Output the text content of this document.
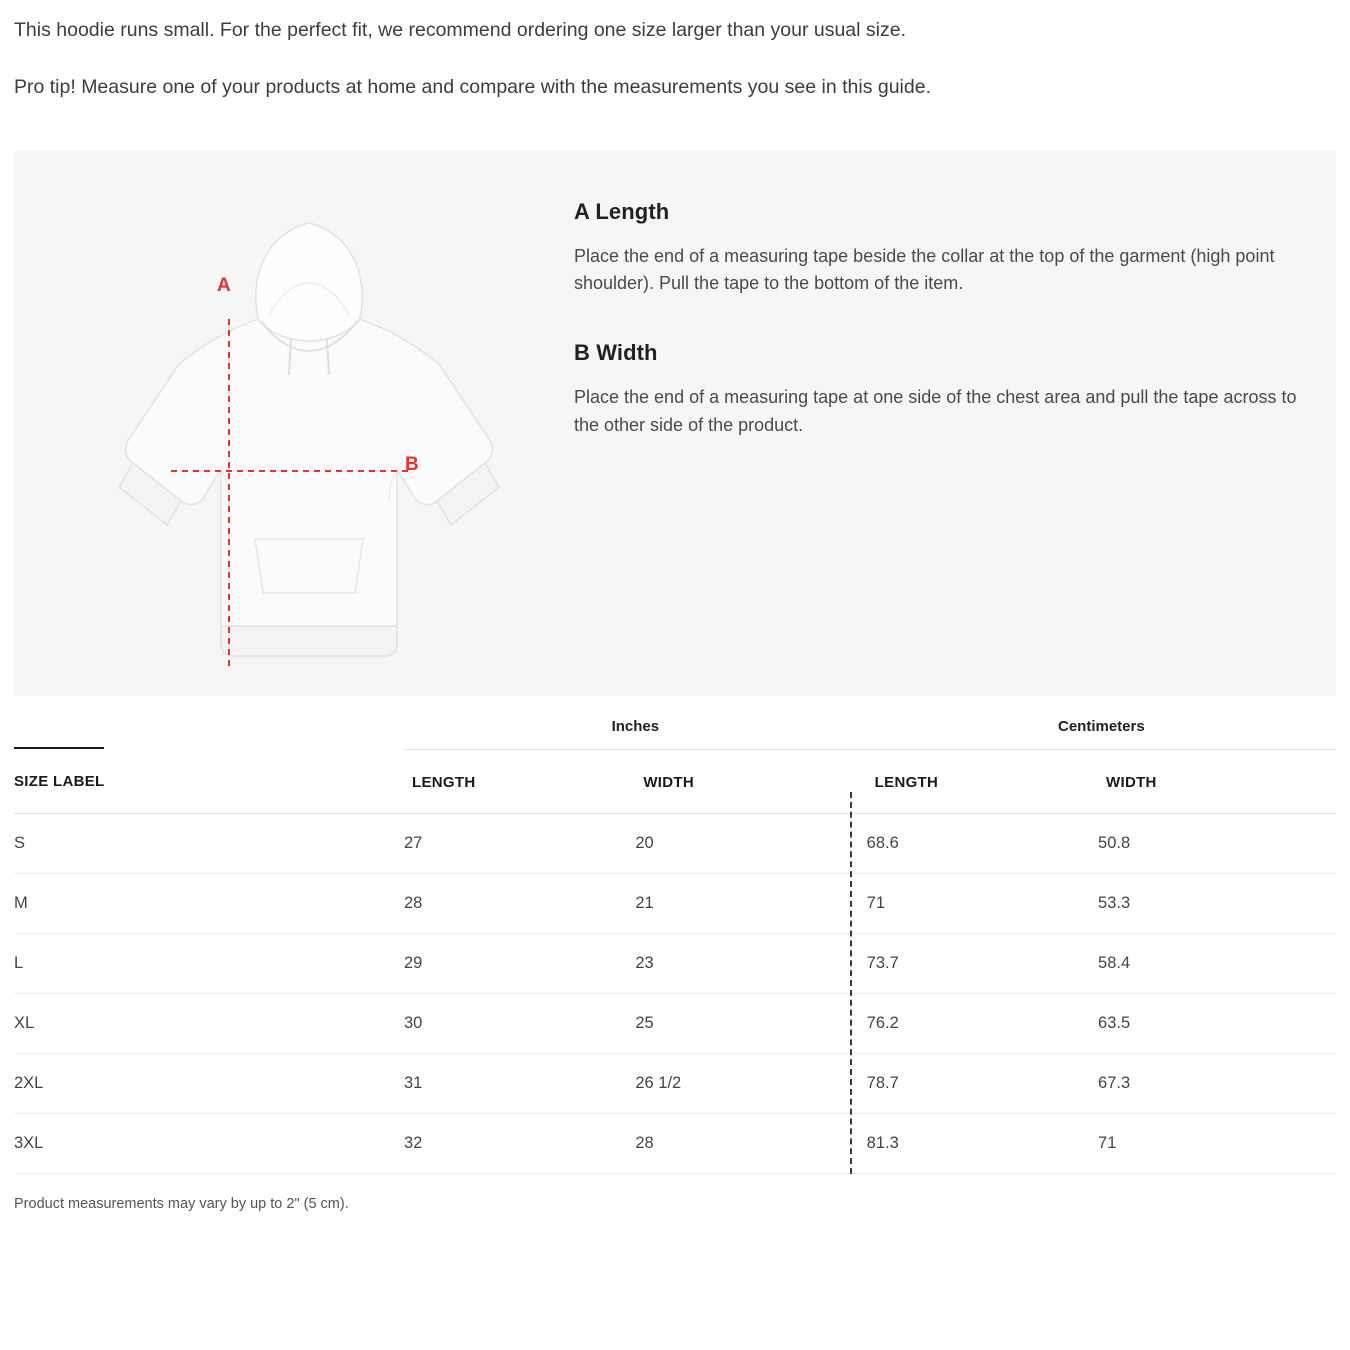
This hoodie runs small. For the perfect fit, we recommend ordering one size larger than your usual size.

Pro tip! Measure one of your products at home and compare with the measurements you see in this guide.

A
B
A Length

Place the end of a measuring tape beside the collar at the top of the garment (high point shoulder). Pull the tape to the bottom of the item.

B Width

Place the end of a measuring tape at one side of the chest area and pull the tape across to the other side of the product.

	Inches		Centimeters	
SIZE LABEL	LENGTH	WIDTH	LENGTH	WIDTH
S	27	20	68.6	50.8
M	28	21	71	53.3
L	29	23	73.7	58.4
XL	30	25	76.2	63.5
2XL	31	26 1/2	78.7	67.3
3XL	32	28	81.3	71
Product measurements may vary by up to 2" (5 cm).
